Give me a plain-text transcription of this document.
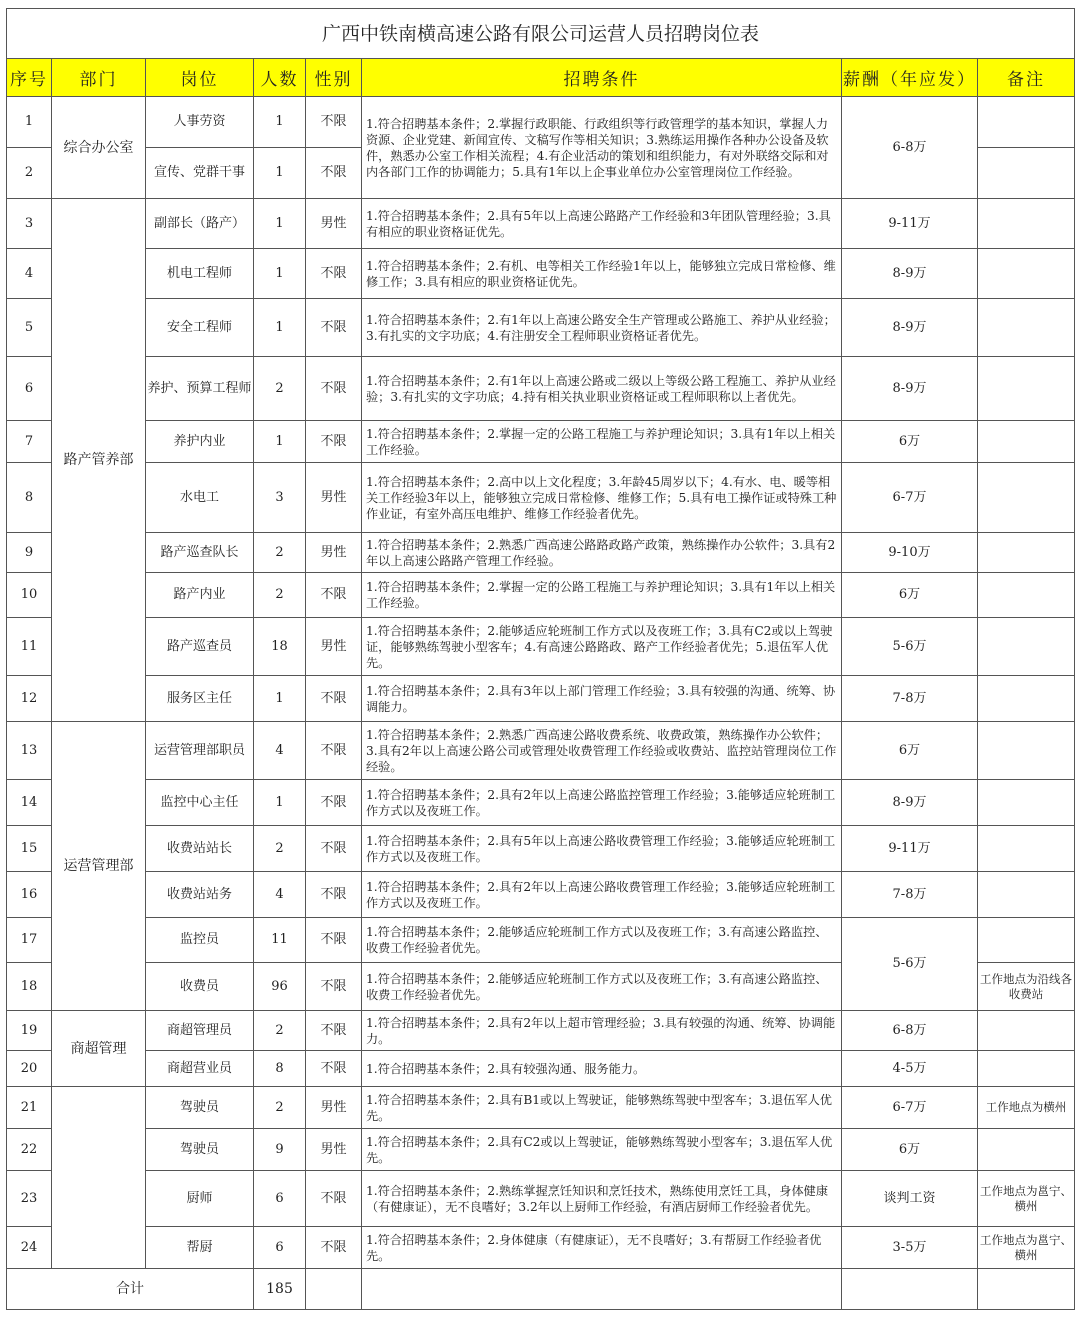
广西中铁南横高速公路有限公司运营人员招聘岗位表							
序号	部门	岗位	人数	性别	招聘条件	薪酬（年应发）	备注
1	综合办公室	人事劳资	1	不限	1.符合招聘基本条件；2.掌握行政职能、行政组织等行政管理学的基本知识，掌握人力资源、企业党建、新闻宣传、文稿写作等相关知识；3.熟练运用操作各种办公设备及软件，熟悉办公室工作相关流程；4.有企业活动的策划和组织能力，有对外联络交际和对内各部门工作的协调能力；5.具有1年以上企事业单位办公室管理岗位工作经验。	6-8万	
2		宣传、党群干事	1	不限			
3	路产管养部	副部长（路产）	1	男性	1.符合招聘基本条件；2.具有5年以上高速公路路产工作经验和3年团队管理经验；3.具有相应的职业资格证优先。	9-11万	
4		机电工程师	1	不限	1.符合招聘基本条件；2.有机、电等相关工作经验1年以上，能够独立完成日常检修、维修工作；3.具有相应的职业资格证优先。	8-9万	
5		安全工程师	1	不限	1.符合招聘基本条件；2.有1年以上高速公路安全生产管理或公路施工、养护从业经验；3.有扎实的文字功底；4.有注册安全工程师职业资格证者优先。	8-9万	
6		养护、预算工程师	2	不限	1.符合招聘基本条件；2.有1年以上高速公路或二级以上等级公路工程施工、养护从业经验；3.有扎实的文字功底；4.持有相关执业职业资格证或工程师职称以上者优先。	8-9万	
7		养护内业	1	不限	1.符合招聘基本条件；2.掌握一定的公路工程施工与养护理论知识；3.具有1年以上相关工作经验。	6万	
8		水电工	3	男性	1.符合招聘基本条件；2.高中以上文化程度；3.年龄45周岁以下；4.有水、电、暖等相关工作经验3年以上，能够独立完成日常检修、维修工作；5.具有电工操作证或特殊工种作业证，有室外高压电维护、维修工作经验者优先。	6-7万	
9		路产巡查队长	2	男性	1.符合招聘基本条件；2.熟悉广西高速公路路政路产政策，熟练操作办公软件；3.具有2年以上高速公路路产管理工作经验。	9-10万	
10		路产内业	2	不限	1.符合招聘基本条件；2.掌握一定的公路工程施工与养护理论知识；3.具有1年以上相关工作经验。	6万	
11		路产巡查员	18	男性	1.符合招聘基本条件；2.能够适应轮班制工作方式以及夜班工作；3.具有C2或以上驾驶证，能够熟练驾驶小型客车；4.有高速公路路政、路产工作经验者优先；5.退伍军人优先。	5-6万	
12		服务区主任	1	不限	1.符合招聘基本条件；2.具有3年以上部门管理工作经验；3.具有较强的沟通、统筹、协调能力。	7-8万	
13	运营管理部	运营管理部职员	4	不限	1.符合招聘基本条件；2.熟悉广西高速公路收费系统、收费政策，熟练操作办公软件；3.具有2年以上高速公路公司或管理处收费管理工作经验或收费站、监控站管理岗位工作经验。	6万	
14		监控中心主任	1	不限	1.符合招聘基本条件；2.具有2年以上高速公路监控管理工作经验；3.能够适应轮班制工作方式以及夜班工作。	8-9万	
15		收费站站长	2	不限	1.符合招聘基本条件；2.具有5年以上高速公路收费管理工作经验；3.能够适应轮班制工作方式以及夜班工作。	9-11万	
16		收费站站务	4	不限	1.符合招聘基本条件；2.具有2年以上高速公路收费管理工作经验；3.能够适应轮班制工作方式以及夜班工作。	7-8万	
17		监控员	11	不限	1.符合招聘基本条件；2.能够适应轮班制工作方式以及夜班工作；3.有高速公路监控、收费工作经验者优先。	5-6万	
18		收费员	96	不限	1.符合招聘基本条件；2.能够适应轮班制工作方式以及夜班工作；3.有高速公路监控、收费工作经验者优先。		工作地点为沿线各收费站
19	商超管理	商超管理员	2	不限	1.符合招聘基本条件；2.具有2年以上超市管理经验；3.具有较强的沟通、统筹、协调能力。	6-8万	
20		商超营业员	8	不限	1.符合招聘基本条件；2.具有较强沟通、服务能力。	4-5万	
21		驾驶员	2	男性	1.符合招聘基本条件；2.具有B1或以上驾驶证，能够熟练驾驶中型客车；3.退伍军人优先。	6-7万	工作地点为横州
22		驾驶员	9	男性	1.符合招聘基本条件；2.具有C2或以上驾驶证，能够熟练驾驶小型客车；3.退伍军人优先。	6万	
23		厨师	6	不限	1.符合招聘基本条件；2.熟练掌握烹饪知识和烹饪技术，熟练使用烹饪工具，身体健康（有健康证），无不良嗜好；3.2年以上厨师工作经验，有酒店厨师工作经验者优先。	谈判工资	工作地点为邕宁、横州
24		帮厨	6	不限	1.符合招聘基本条件；2.身体健康（有健康证），无不良嗜好；3.有帮厨工作经验者优先。	3-5万	工作地点为邕宁、横州
合计			185				
